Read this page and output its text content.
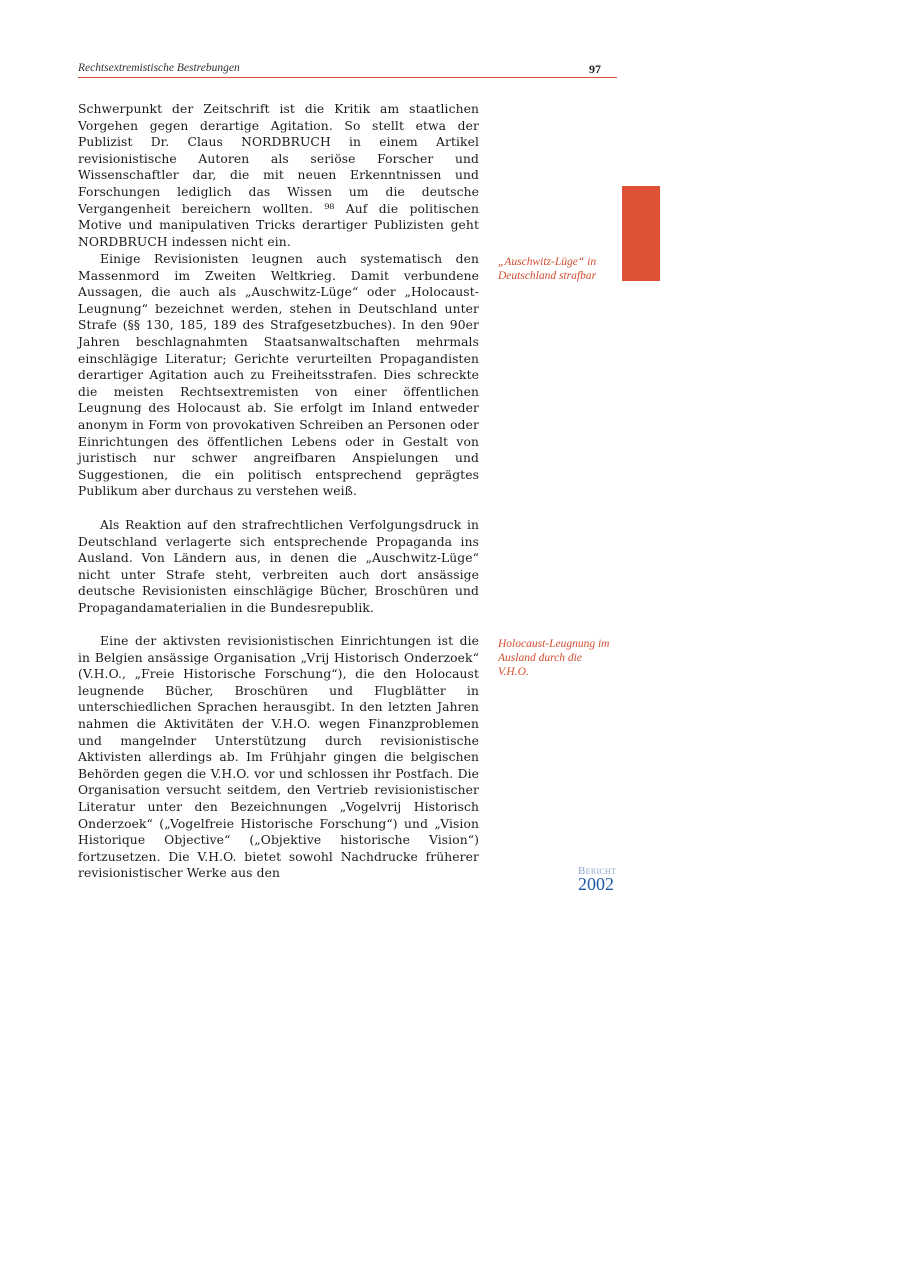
Rechtsextremistische Bestrebungen	97

Schwerpunkt der Zeitschrift ist die Kritik am staatlichen Vorgehen gegen derartige Agitation. So stellt etwa der Publizist Dr. Claus NORDBRUCH in einem Artikel revisionistische Autoren als seriöse Forscher und Wissenschaftler dar, die mit neuen Erkenntnissen und Forschungen lediglich das Wissen um die deutsche Vergangenheit bereichern wollten. ⁹⁸ Auf die politischen Motive und manipulativen Tricks derartiger Publizisten geht NORDBRUCH indessen nicht ein.

Einige Revisionisten leugnen auch systematisch den Massenmord im Zweiten Weltkrieg. Damit verbundene Aussagen, die auch als „Auschwitz-Lüge“ oder „Holocaust-Leugnung“ bezeichnet werden, stehen in Deutschland unter Strafe (§§ 130, 185, 189 des Strafgesetzbuches). In den 90er Jahren beschlagnahmten Staatsanwaltschaften mehrmals einschlägige Literatur; Gerichte verurteilten Propagandisten derartiger Agitation auch zu Freiheitsstrafen. Dies schreckte die meisten Rechtsextremisten von einer öffentlichen Leugnung des Holocaust ab. Sie erfolgt im Inland entweder anonym in Form von provokativen Schreiben an Personen oder Einrichtungen des öffentlichen Lebens oder in Gestalt von juristisch nur schwer angreifbaren Anspielungen und Suggestionen, die ein politisch entsprechend geprägtes Publikum aber durchaus zu verstehen weiß.

Als Reaktion auf den strafrechtlichen Verfolgungsdruck in Deutschland verlagerte sich entsprechende Propaganda ins Ausland. Von Ländern aus, in denen die „Auschwitz-Lüge“ nicht unter Strafe steht, verbreiten auch dort ansässige deutsche Revisionisten einschlägige Bücher, Broschüren und Propagandamaterialien in die Bundesrepublik.

Eine der aktivsten revisionistischen Einrichtungen ist die in Belgien ansässige Organisation „Vrij Historisch Onderzoek“ (V.H.O., „Freie Historische Forschung“), die den Holocaust leugnende Bücher, Broschüren und Flugblätter in unterschiedlichen Sprachen herausgibt. In den letzten Jahren nahmen die Aktivitäten der V.H.O. wegen Finanzproblemen und mangelnder Unterstützung durch revisionistische Aktivisten allerdings ab. Im Frühjahr gingen die belgischen Behörden gegen die V.H.O. vor und schlossen ihr Postfach. Die Organisation versucht seitdem, den Vertrieb revisionistischer Literatur unter den Bezeichnungen „Vogelvrij Historisch Onderzoek“ („Vogelfreie Historische Forschung“) und „Vision Historique Objective“ („Objektive historische Vision“) fortzusetzen. Die V.H.O. bietet sowohl Nachdrucke früherer revisionistischer Werke aus den

„Auschwitz-Lüge“ in Deutschland strafbar
Holocaust-Leugnung im Ausland durch die V.H.O.
Bericht
2002
